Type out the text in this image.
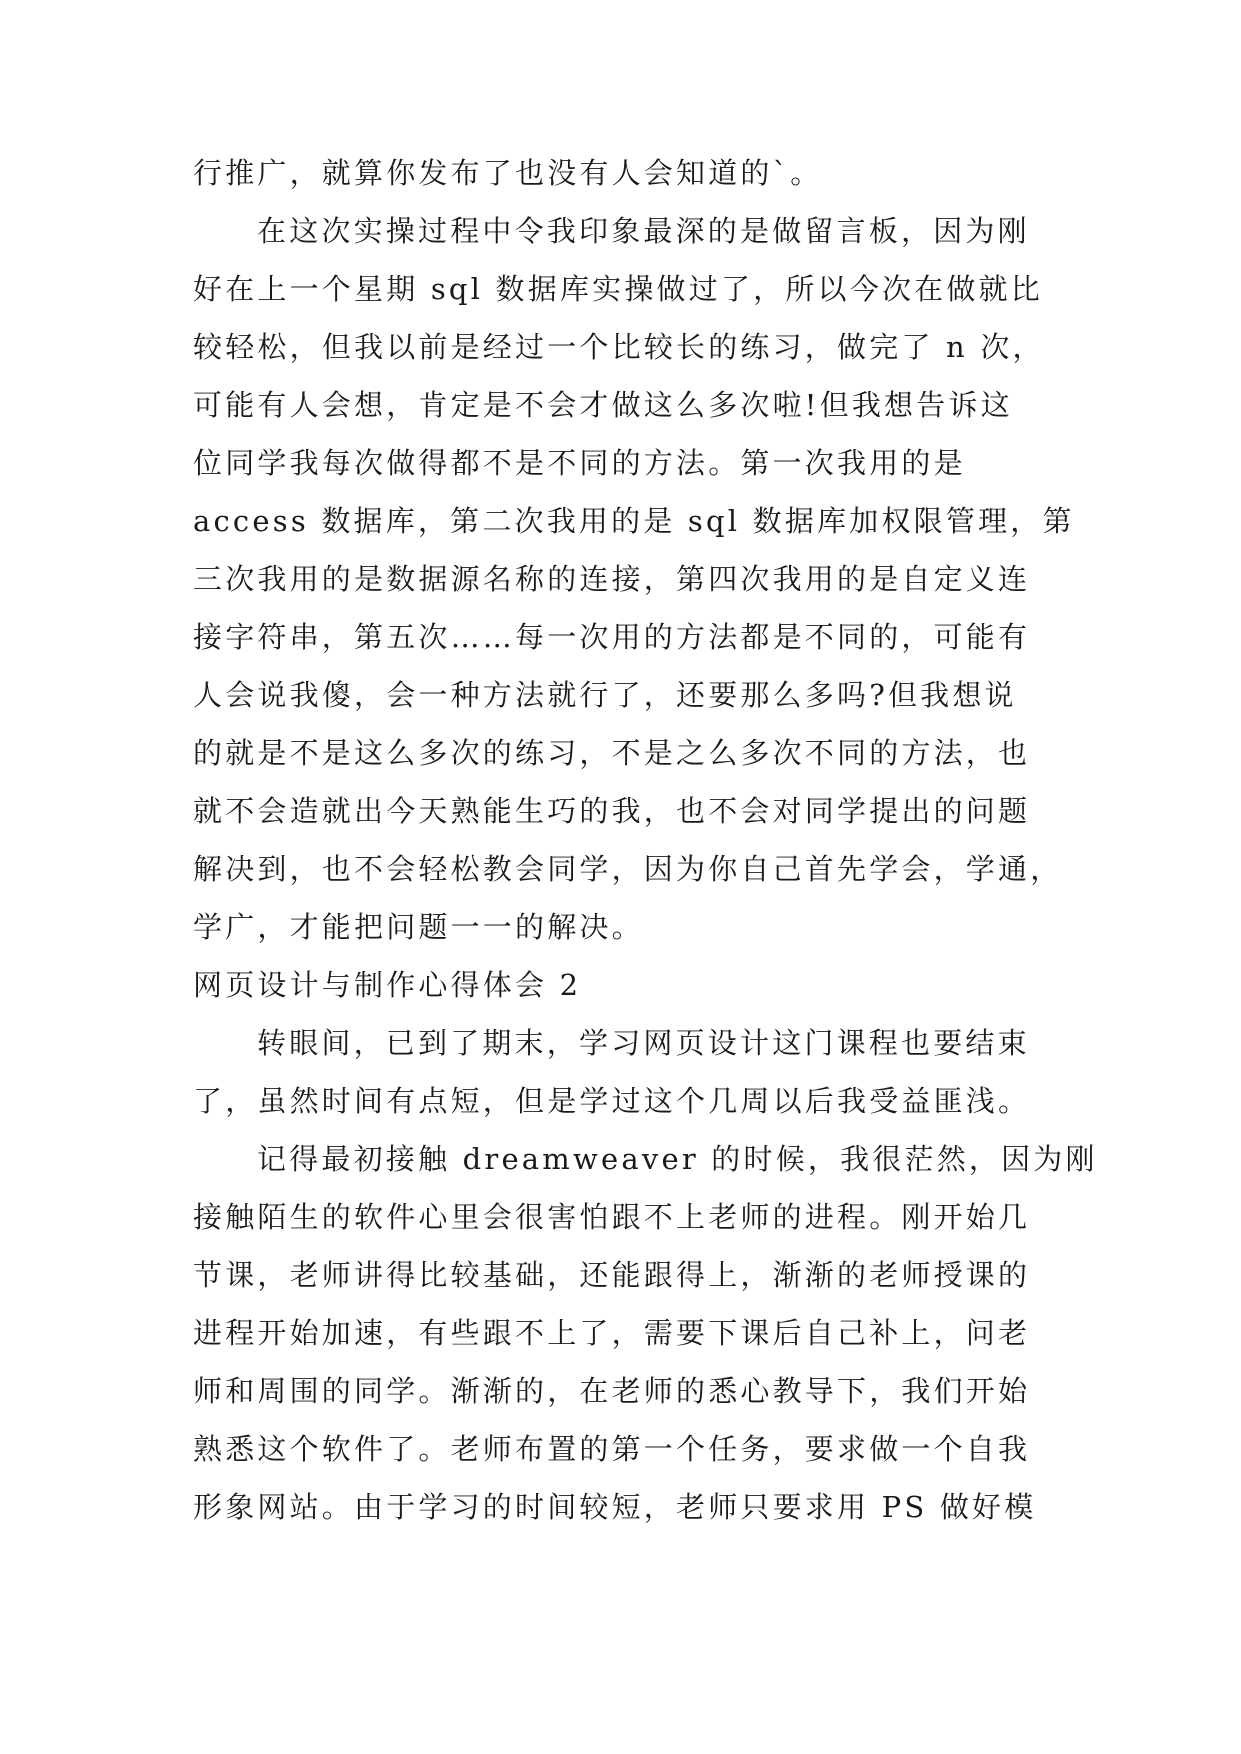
行推广，就算你发布了也没有人会知道的`。
在这次实操过程中令我印象最深的是做留言板，因为刚
好在上一个星期 sql 数据库实操做过了，所以今次在做就比
较轻松，但我以前是经过一个比较长的练习，做完了 n 次，
可能有人会想，肯定是不会才做这么多次啦!但我想告诉这
位同学我每次做得都不是不同的方法。第一次我用的是
access 数据库，第二次我用的是 sql 数据库加权限管理，第
三次我用的是数据源名称的连接，第四次我用的是自定义连
接字符串，第五次……每一次用的方法都是不同的，可能有
人会说我傻，会一种方法就行了，还要那么多吗?但我想说
的就是不是这么多次的练习，不是之么多次不同的方法，也
就不会造就出今天熟能生巧的我，也不会对同学提出的问题
解决到，也不会轻松教会同学，因为你自己首先学会，学通，
学广，才能把问题一一的解决。
网页设计与制作心得体会 2
转眼间，已到了期末，学习网页设计这门课程也要结束
了，虽然时间有点短，但是学过这个几周以后我受益匪浅。
记得最初接触 dreamweaver 的时候，我很茫然，因为刚
接触陌生的软件心里会很害怕跟不上老师的进程。刚开始几
节课，老师讲得比较基础，还能跟得上，渐渐的老师授课的
进程开始加速，有些跟不上了，需要下课后自己补上，问老
师和周围的同学。渐渐的，在老师的悉心教导下，我们开始
熟悉这个软件了。老师布置的第一个任务，要求做一个自我
形象网站。由于学习的时间较短，老师只要求用 PS 做好模
